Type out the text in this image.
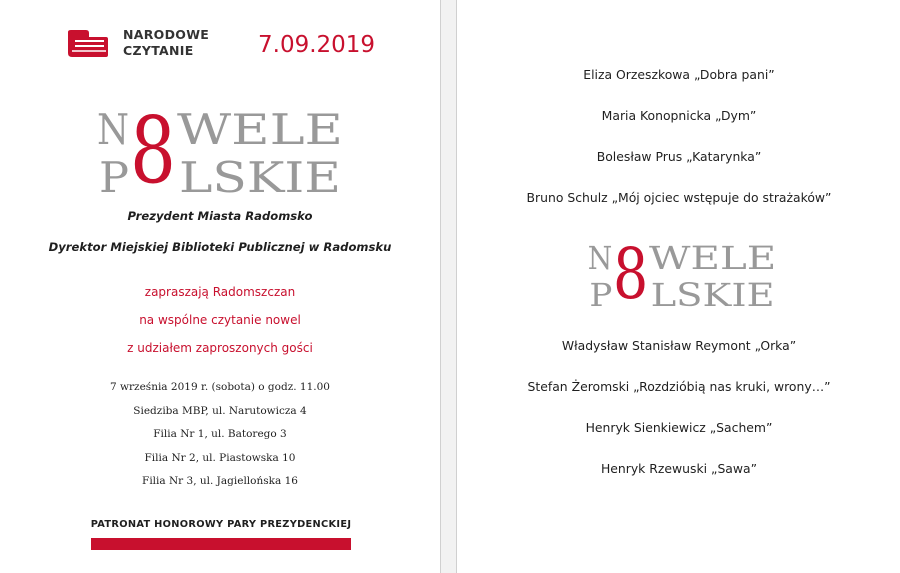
NARODOWE
CZYTANIE	7.09.2019
N 8 WELE
P LSKIE
Prezydent Miasta Radomsko
Dyrektor Miejskiej Biblioteki Publicznej w Radomsku
zapraszają Radomszczan
na wspólne czytanie nowel
z udziałem zaproszonych gości
7 września 2019 r. (sobota) o godz. 11.00
Siedziba MBP, ul. Narutowicza 4
Filia Nr 1, ul. Batorego 3
Filia Nr 2, ul. Piastowska 10
Filia Nr 3, ul. Jagiellońska 16
PATRONAT HONOROWY PARY PREZYDENCKIEJ
Eliza Orzeszkowa „Dobra pani”
Maria Konopnicka „Dym”
Bolesław Prus „Katarynka”
Bruno Schulz „Mój ojciec wstępuje do strażaków”
Władysław Stanisław Reymont „Orka”
Stefan Żeromski „Rozdzióbią nas kruki, wrony…”
Henryk Sienkiewicz „Sachem”
Henryk Rzewuski „Sawa”
N 8 WELE
P LSKIE
